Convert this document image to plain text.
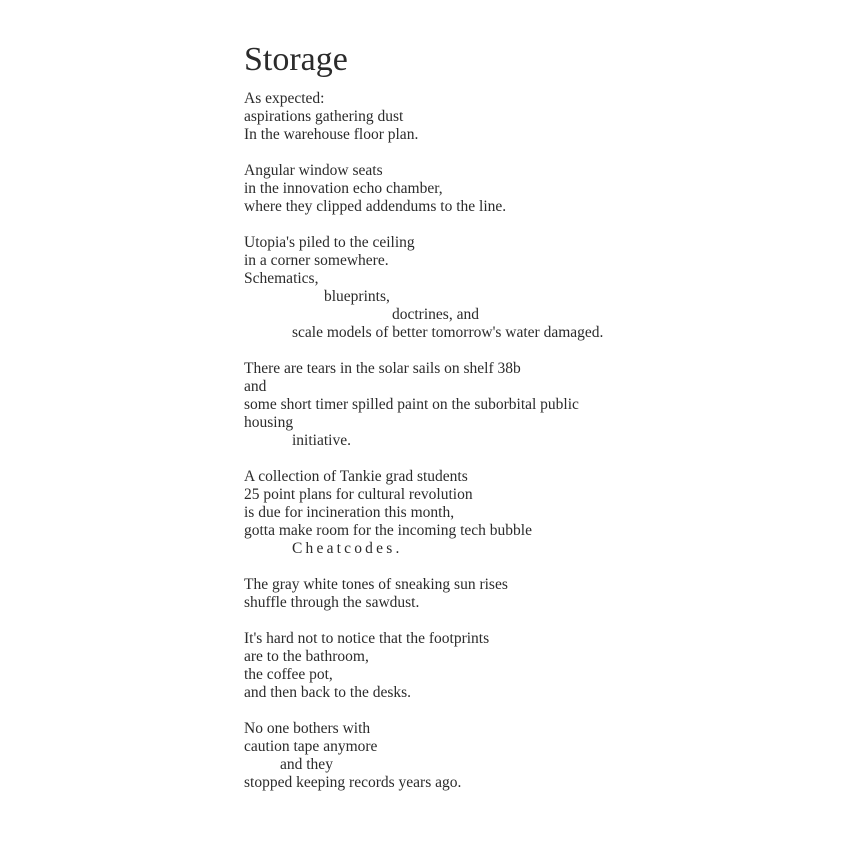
Storage
As expected:
aspirations gathering dust
In the warehouse floor plan.
Angular window seats
in the innovation echo chamber,
where they clipped addendums to the line.
Utopia's piled to the ceiling
in a corner somewhere.
Schematics,
blueprints,
doctrines, and
scale models of better tomorrow's water damaged.
There are tears in the solar sails on shelf 38b
and
some short timer spilled paint on the suborbital public
housing
initiative.
A collection of Tankie grad students
25 point plans for cultural revolution
is due for incineration this month,
gotta make room for the incoming tech bubble
Cheatcodes.
The gray white tones of sneaking sun rises
shuffle through the sawdust.
It's hard not to notice that the footprints
are to the bathroom,
the coffee pot,
and then back to the desks.
No one bothers with
caution tape anymore
and they
stopped keeping records years ago.
